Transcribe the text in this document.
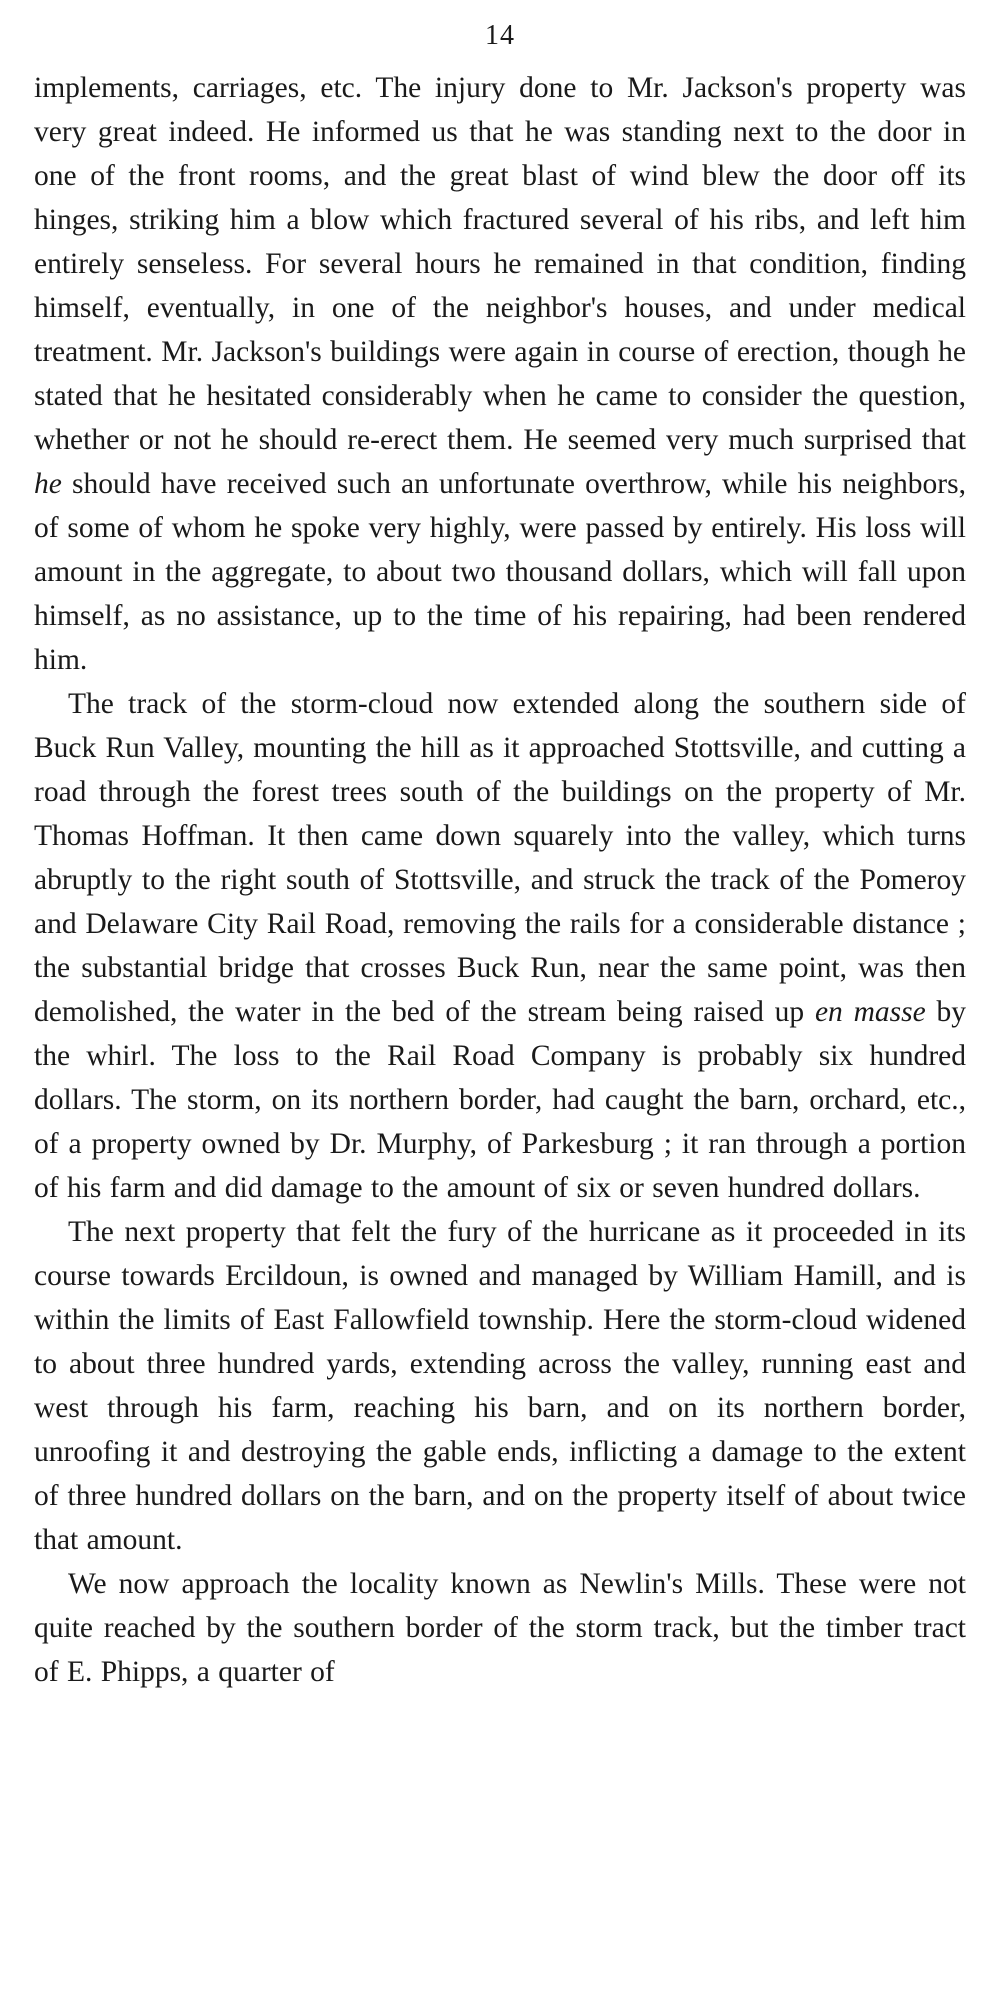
14

implements, carriages, etc. The injury done to Mr. Jackson's property was very great indeed. He informed us that he was standing next to the door in one of the front rooms, and the great blast of wind blew the door off its hinges, striking him a blow which fractured several of his ribs, and left him entirely senseless. For several hours he remained in that condition, finding himself, eventually, in one of the neighbor's houses, and under medical treatment. Mr. Jackson's buildings were again in course of erection, though he stated that he hesitated considerably when he came to consider the question, whether or not he should re-erect them. He seemed very much surprised that he should have received such an unfortunate overthrow, while his neighbors, of some of whom he spoke very highly, were passed by entirely. His loss will amount in the aggregate, to about two thousand dollars, which will fall upon himself, as no assistance, up to the time of his repairing, had been rendered him.

The track of the storm-cloud now extended along the southern side of Buck Run Valley, mounting the hill as it approached Stottsville, and cutting a road through the forest trees south of the buildings on the property of Mr. Thomas Hoffman. It then came down squarely into the valley, which turns abruptly to the right south of Stottsville, and struck the track of the Pomeroy and Delaware City Rail Road, removing the rails for a considerable distance ; the substantial bridge that crosses Buck Run, near the same point, was then demolished, the water in the bed of the stream being raised up en masse by the whirl. The loss to the Rail Road Company is probably six hundred dollars. The storm, on its northern border, had caught the barn, orchard, etc., of a property owned by Dr. Murphy, of Parkesburg ; it ran through a portion of his farm and did damage to the amount of six or seven hundred dollars.

The next property that felt the fury of the hurricane as it proceeded in its course towards Ercildoun, is owned and managed by William Hamill, and is within the limits of East Fallowfield township. Here the storm-cloud widened to about three hundred yards, extending across the valley, running east and west through his farm, reaching his barn, and on its northern border, unroofing it and destroying the gable ends, inflicting a damage to the extent of three hundred dollars on the barn, and on the property itself of about twice that amount.

We now approach the locality known as Newlin's Mills. These were not quite reached by the southern border of the storm track, but the timber tract of E. Phipps, a quarter of
